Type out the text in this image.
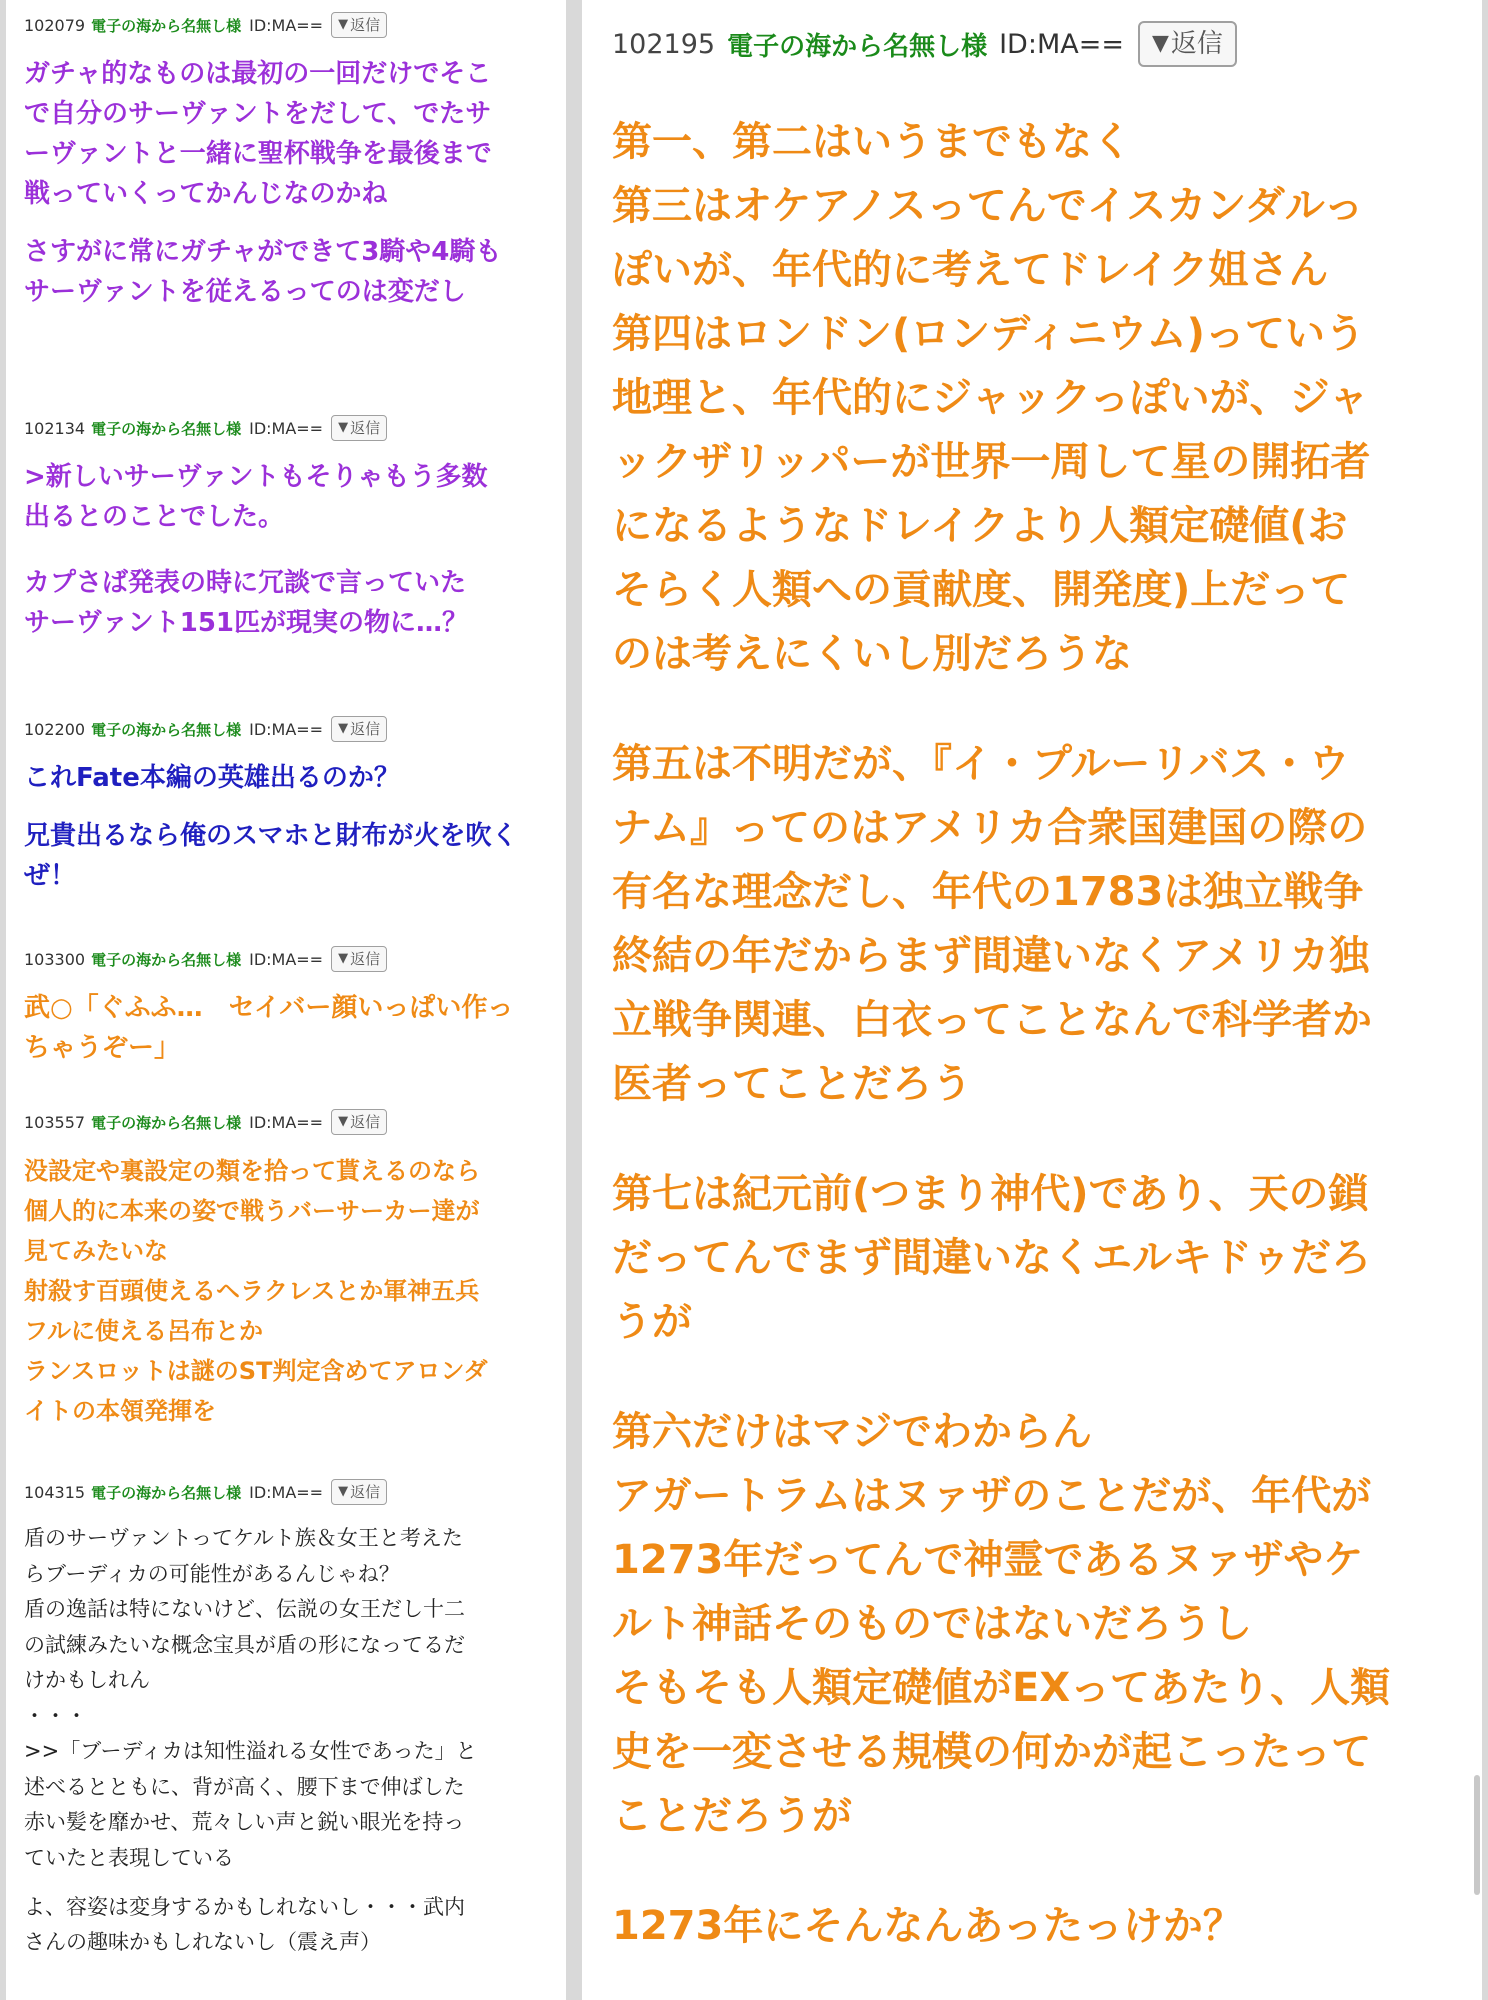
102079 電子の海から名無し様 ID:MA== ▼ 返信
ガチャ的なものは最初の一回だけでそこ
で自分のサーヴァントをだして、でたサ
ーヴァントと一緒に聖杯戦争を最後まで
戦っていくってかんじなのかね
さすがに常にガチャができて3騎や4騎も
サーヴァントを従えるってのは変だし
102134 電子の海から名無し様 ID:MA== ▼ 返信
>新しいサーヴァントもそりゃもう多数
出るとのことでした。
カプさば発表の時に冗談で言っていた
サーヴァント151匹が現実の物に…？
102200 電子の海から名無し様 ID:MA== ▼ 返信
これFate本編の英雄出るのか？
兄貴出るなら俺のスマホと財布が火を吹く
ぜ！
103300 電子の海から名無し様 ID:MA== ▼ 返信
武○「ぐふふ…　セイバー顔いっぱい作っ
ちゃうぞー」
103557 電子の海から名無し様 ID:MA== ▼ 返信
没設定や裏設定の類を拾って貰えるのなら
個人的に本来の姿で戦うバーサーカー達が
見てみたいな
射殺す百頭使えるヘラクレスとか軍神五兵
フルに使える呂布とか
ランスロットは謎のST判定含めてアロンダ
イトの本領発揮を
104315 電子の海から名無し様 ID:MA== ▼ 返信
盾のサーヴァントってケルト族＆女王と考えた
らブーディカの可能性があるんじゃね？
盾の逸話は特にないけど、伝説の女王だし十二
の試練みたいな概念宝具が盾の形になってるだ
けかもしれん
・・・
>>「ブーディカは知性溢れる女性であった」と
述べるとともに、背が高く、腰下まで伸ばした
赤い髪を靡かせ、荒々しい声と鋭い眼光を持っ
ていたと表現している
よ、容姿は変身するかもしれないし・・・武内
さんの趣味かもしれないし（震え声）
102195 電子の海から名無し様 ID:MA== ▼ 返信
第一、第二はいうまでもなく
第三はオケアノスってんでイスカンダルっ
ぽいが、年代的に考えてドレイク姐さん
第四はロンドン(ロンディニウム)っていう
地理と、年代的にジャックっぽいが、ジャ
ックザリッパーが世界一周して星の開拓者
になるようなドレイクより人類定礎値(お
そらく人類への貢献度、開発度)上だって
のは考えにくいし別だろうな
第五は不明だが、『イ・プルーリバス・ウ
ナム』ってのはアメリカ合衆国建国の際の
有名な理念だし、年代の1783は独立戦争
終結の年だからまず間違いなくアメリカ独
立戦争関連、白衣ってことなんで科学者か
医者ってことだろう
第七は紀元前(つまり神代)であり、天の鎖
だってんでまず間違いなくエルキドゥだろ
うが
第六だけはマジでわからん
アガートラムはヌァザのことだが、年代が
1273年だってんで神霊であるヌァザやケ
ルト神話そのものではないだろうし
そもそも人類定礎値がEXってあたり、人類
史を一変させる規模の何かが起こったって
ことだろうが
1273年にそんなんあったっけか？
